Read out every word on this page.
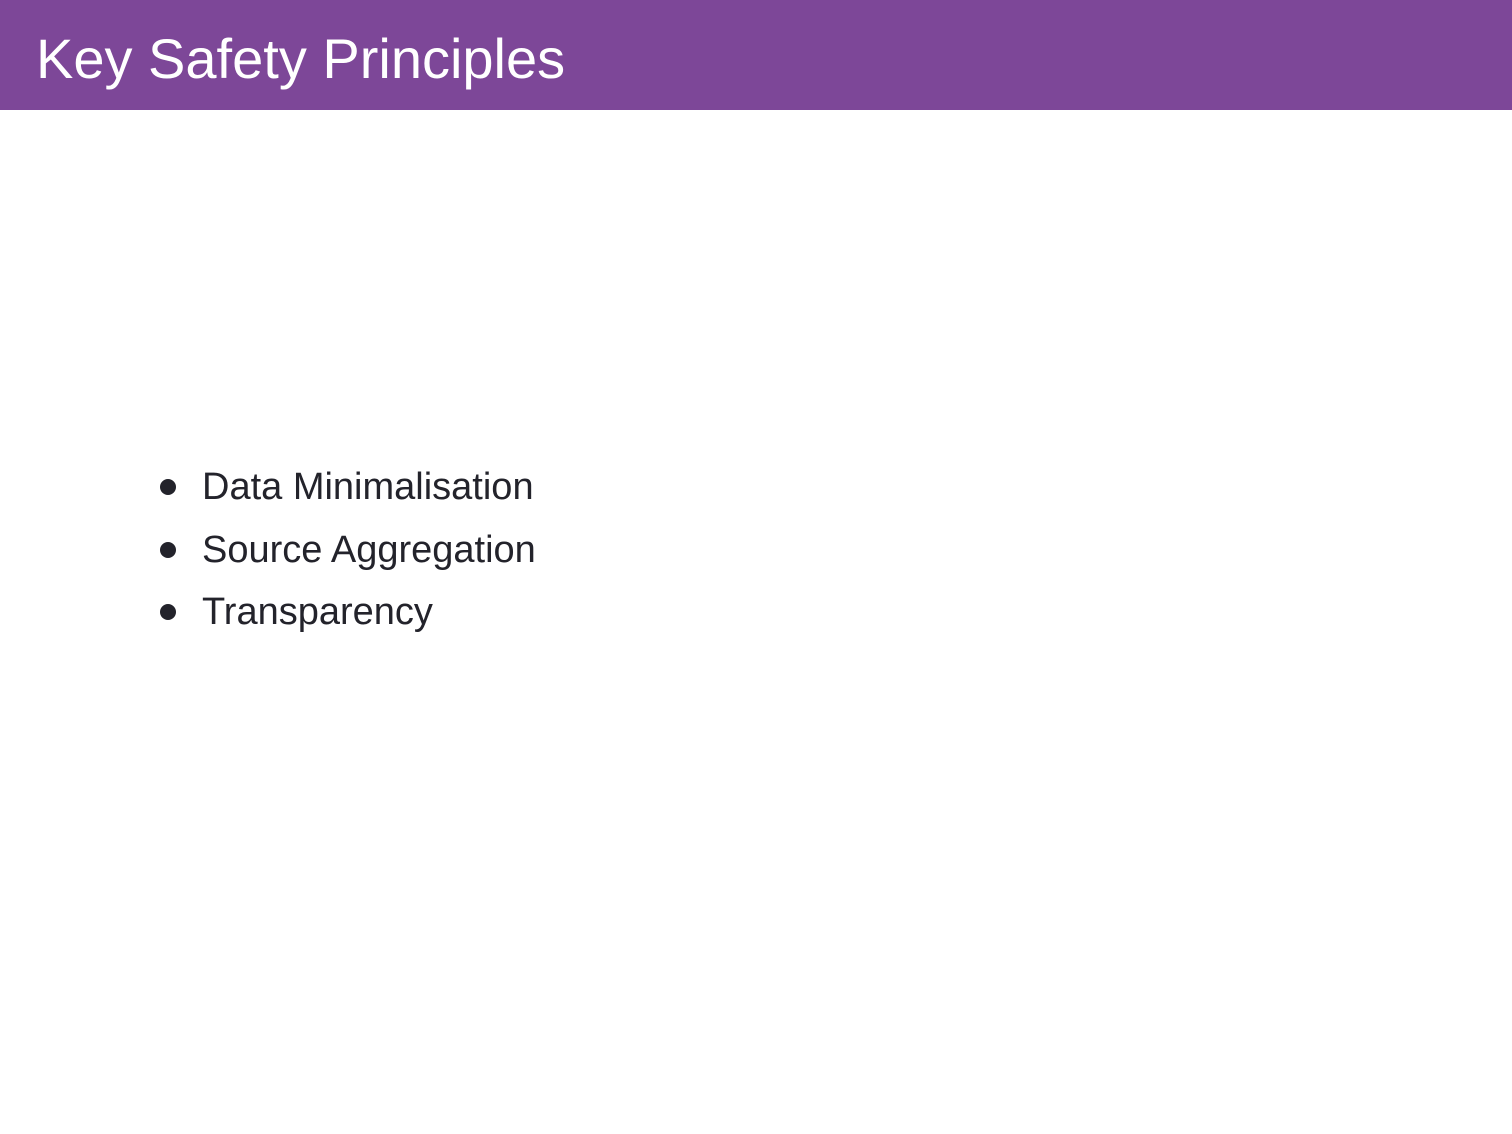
Key Safety Principles
Data Minimalisation
Source Aggregation
Transparency
